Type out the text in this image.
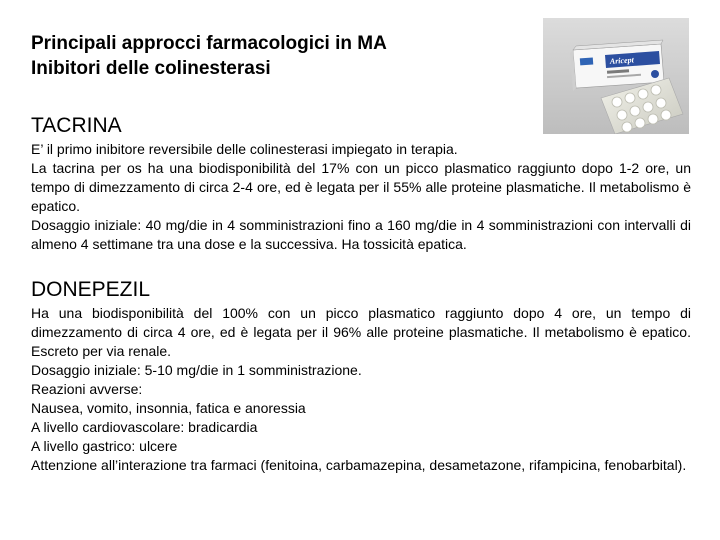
Principali approcci farmacologici in MA
Inibitori delle colinesterasi	Aricept
TACRINA

E’ il primo inibitore reversibile delle colinesterasi impiegato in terapia.

La tacrina per os ha una biodisponibilità del 17% con un picco plasmatico raggiunto dopo 1-2 ore, un tempo di dimezzamento di circa 2-4 ore, ed è legata per il 55% alle proteine plasmatiche. Il metabolismo è epatico.

Dosaggio iniziale: 40 mg/die in 4 somministrazioni fino a 160 mg/die in 4 somministrazioni con intervalli di almeno 4 settimane tra una dose e la successiva. Ha tossicità epatica.

DONEPEZIL

Ha una biodisponibilità del 100% con un picco plasmatico raggiunto dopo 4 ore, un tempo di dimezzamento di circa 4 ore, ed è legata per il 96% alle proteine plasmatiche. Il metabolismo è epatico. Escreto per via renale.

Dosaggio iniziale: 5-10 mg/die in 1 somministrazione.

Reazioni avverse:

Nausea, vomito, insonnia, fatica e anoressia

A livello cardiovascolare: bradicardia

A livello gastrico: ulcere

Attenzione all’interazione tra farmaci (fenitoina, carbamazepina, desametazone, rifampicina, fenobarbital).
